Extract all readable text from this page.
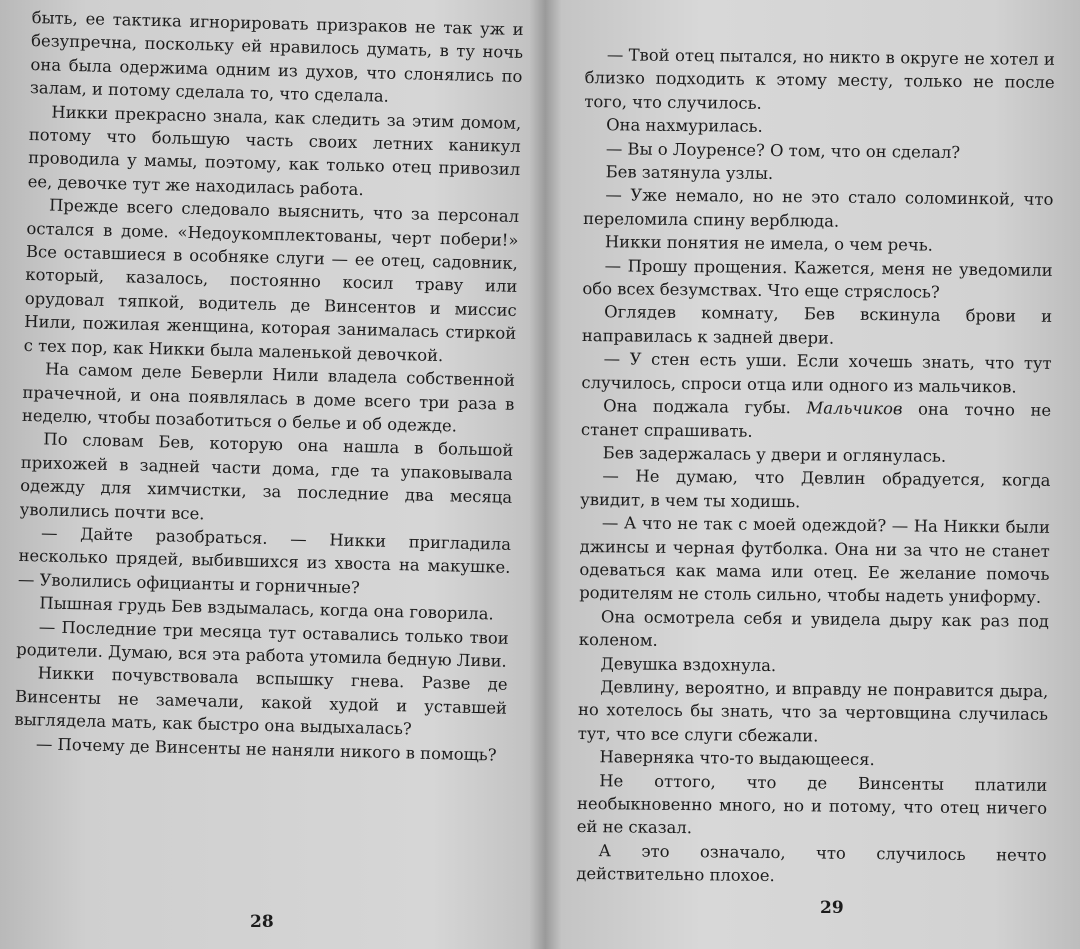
быть, ее тактика игнорировать призраков не так уж и безупречна, поскольку ей нравилось думать, в ту ночь она была одержима одним из духов, что слонялись по залам, и потому сделала то, что сделала.

Никки прекрасно знала, как следить за этим домом, потому что большую часть своих летних каникул проводила у мамы, поэтому, как только отец привозил ее, девочке тут же находилась работа.

Прежде всего следовало выяснить, что за персонал остался в доме. «Недоукомплектованы, черт побери!» Все оставшиеся в особняке слуги — ее отец, садовник, который, казалось, постоянно косил траву или орудовал тяпкой, водитель де Винсентов и миссис Нили, пожилая женщина, которая занималась стиркой с тех пор, как Никки была маленькой девочкой.

На самом деле Беверли Нили владела собственной прачечной, и она появлялась в доме всего три раза в неделю, чтобы позаботиться о белье и об одежде.

По словам Бев, которую она нашла в большой прихожей в задней части дома, где та упаковывала одежду для химчистки, за последние два месяца уволились почти все.

— Дайте разобраться. — Никки пригладила несколько прядей, выбившихся из хвоста на макушке. — Уволились официанты и горничные?

Пышная грудь Бев вздымалась, когда она говорила.

— Последние три месяца тут оставались только твои родители. Думаю, вся эта работа утомила бедную Ливи.

Никки почувствовала вспышку гнева. Разве де Винсенты не замечали, какой худой и уставшей выглядела мать, как быстро она выдыхалась?

— Почему де Винсенты не наняли никого в помощь?

28

— Твой отец пытался, но никто в округе не хотел и близко подходить к этому месту, только не после того, что случилось.

Она нахмурилась.

— Вы о Лоуренсе? О том, что он сделал?

Бев затянула узлы.

— Уже немало, но не это стало соломинкой, что переломила спину верблюда.

Никки понятия не имела, о чем речь.

— Прошу прощения. Кажется, меня не уведомили обо всех безумствах. Что еще стряслось?

Оглядев комнату, Бев вскинула брови и направилась к задней двери.

— У стен есть уши. Если хочешь знать, что тут случилось, спроси отца или одного из мальчиков.

Она поджала губы. Мальчиков она точно не станет спрашивать.

Бев задержалась у двери и оглянулась.

— Не думаю, что Девлин обрадуется, когда увидит, в чем ты ходишь.

— А что не так с моей одеждой? — На Никки были джинсы и черная футболка. Она ни за что не станет одеваться как мама или отец. Ее желание помочь родителям не столь сильно, чтобы надеть униформу.

Она осмотрела себя и увидела дыру как раз под коленом.

Девушка вздохнула.

Девлину, вероятно, и вправду не понравится дыра, но хотелось бы знать, что за чертовщина случилась тут, что все слуги сбежали.

Наверняка что-то выдающееся.

Не оттого, что де Винсенты платили необыкновенно много, но и потому, что отец ничего ей не сказал.

А это означало, что случилось нечто действительно плохое.

29
